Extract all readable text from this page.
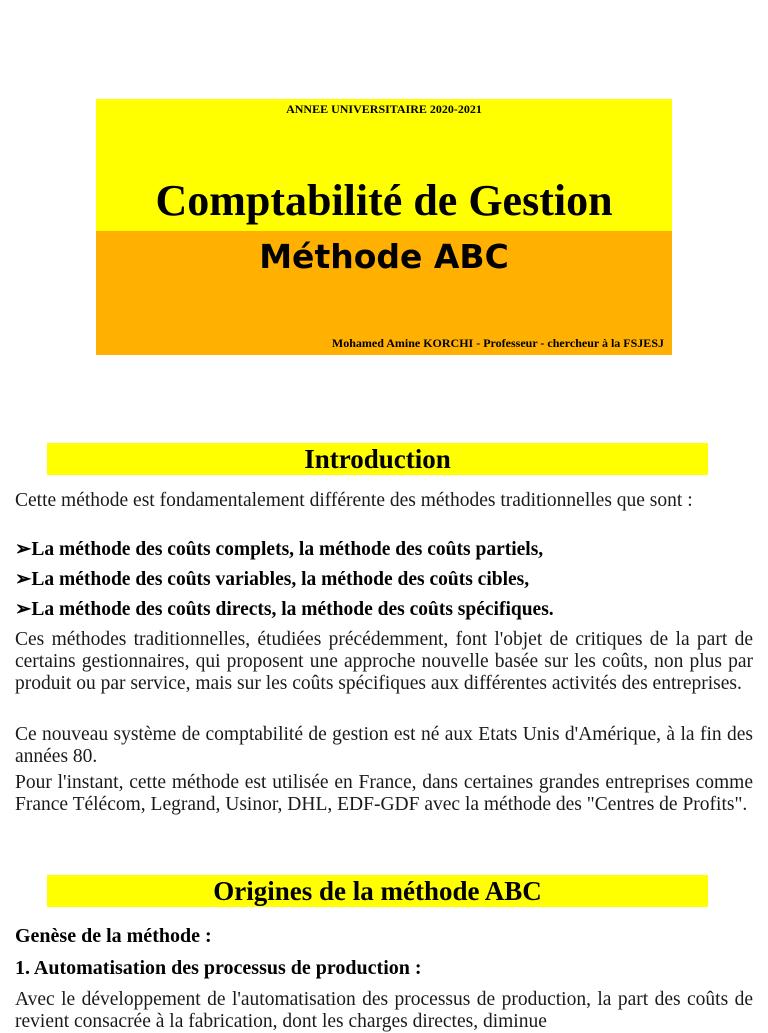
ANNEE UNIVERSITAIRE 2020-2021
Comptabilité de Gestion
Méthode ABC
Mohamed Amine KORCHI - Professeur - chercheur à la FSJESJ
Introduction
Cette méthode est fondamentalement différente des méthodes traditionnelles que sont :
➢La méthode des coûts complets, la méthode des coûts partiels,
➢La méthode des coûts variables, la méthode des coûts cibles,
➢La méthode des coûts directs, la méthode des coûts spécifiques.
Ces méthodes traditionnelles, étudiées précédemment, font l'objet de critiques de la part de certains gestionnaires, qui proposent une approche nouvelle basée sur les coûts, non plus par produit ou par service, mais sur les coûts spécifiques aux différentes activités des entreprises.
Ce nouveau système de comptabilité de gestion est né aux Etats Unis d'Amérique, à la fin des années 80.
Pour l'instant, cette méthode est utilisée en France, dans certaines grandes entreprises comme France Télécom, Legrand, Usinor, DHL, EDF-GDF avec la méthode des "Centres de Profits".
Origines de la méthode ABC
Genèse de la méthode :
1. Automatisation des processus de production :
Avec le développement de l'automatisation des processus de production, la part des coûts de revient consacrée à la fabrication, dont les charges directes, diminue
